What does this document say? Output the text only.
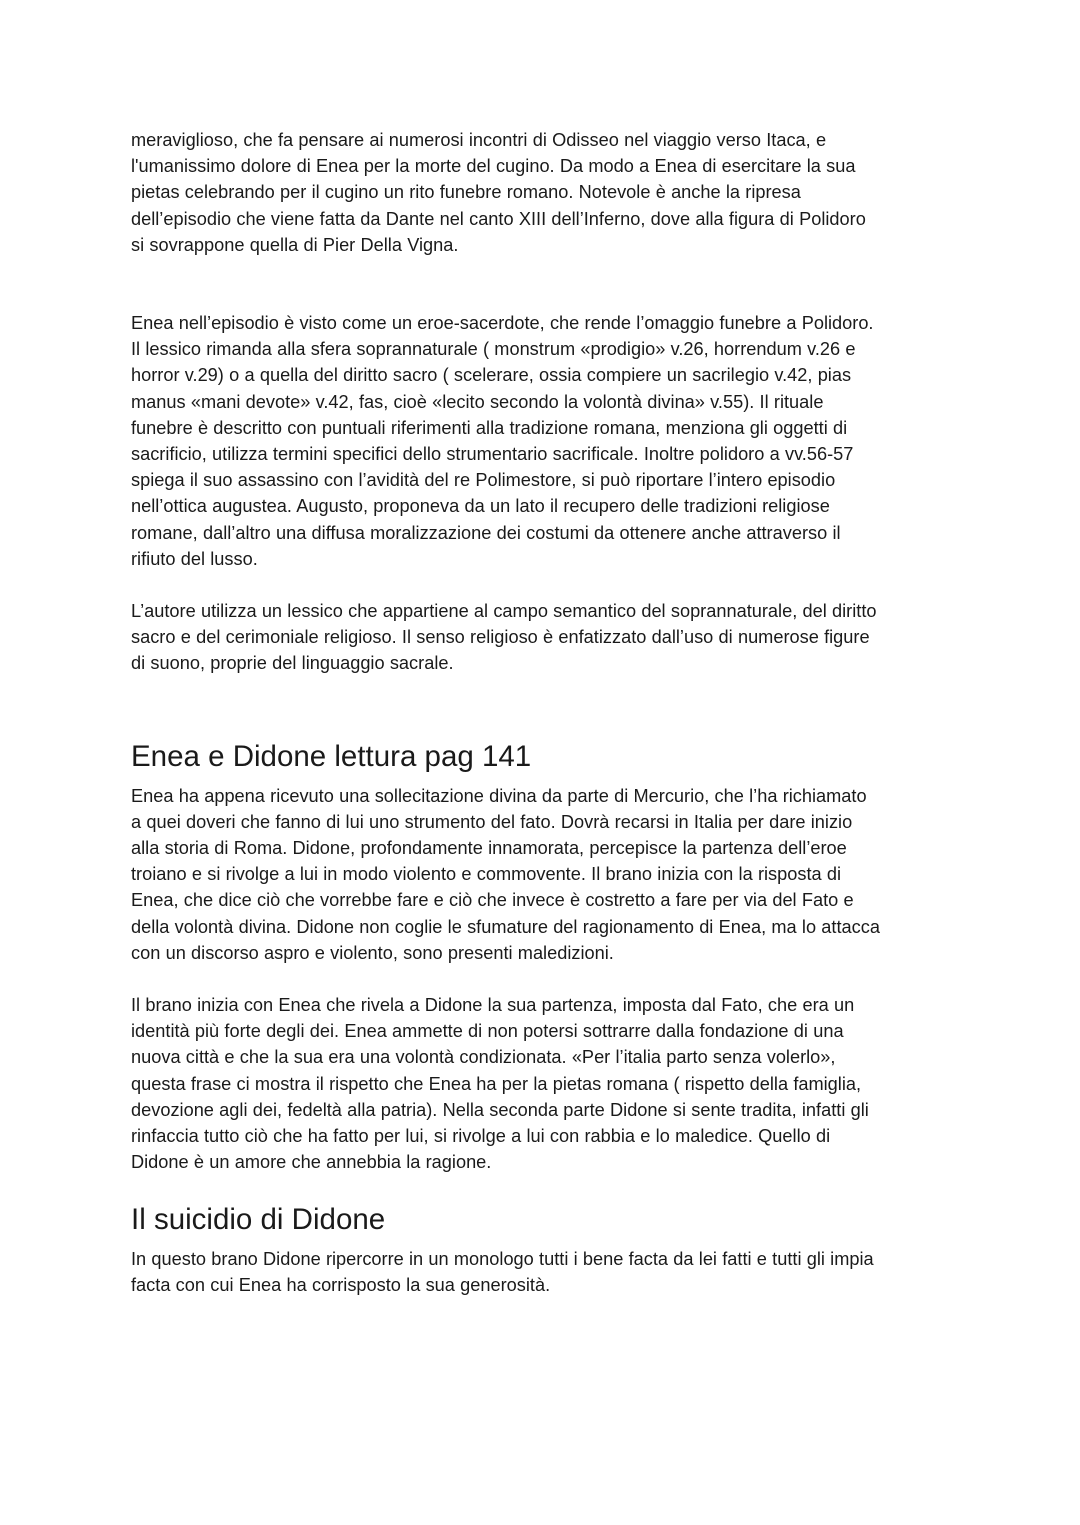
meraviglioso, che fa pensare ai numerosi incontri di Odisseo nel viaggio verso Itaca, e
l'umanissimo dolore di Enea per la morte del cugino. Da modo a Enea di esercitare la sua
pietas celebrando per il cugino un rito funebre romano. Notevole è anche la ripresa
dell’episodio che viene fatta da Dante nel canto XIII dell’Inferno, dove alla figura di Polidoro
si sovrappone quella di Pier Della Vigna.

Enea nell’episodio è visto come un eroe-sacerdote, che rende l’omaggio funebre a Polidoro.
Il lessico rimanda alla sfera soprannaturale ( monstrum «prodigio» v.26, horrendum v.26 e
horror v.29) o a quella del diritto sacro ( scelerare, ossia compiere un sacrilegio v.42, pias
manus «mani devote» v.42, fas, cioè «lecito secondo la volontà divina» v.55). Il rituale
funebre è descritto con puntuali riferimenti alla tradizione romana, menziona gli oggetti di
sacrificio, utilizza termini specifici dello strumentario sacrificale. Inoltre polidoro a vv.56-57
spiega il suo assassino con l’avidità del re Polimestore, si può riportare l’intero episodio
nell’ottica augustea. Augusto, proponeva da un lato il recupero delle tradizioni religiose
romane, dall’altro una diffusa moralizzazione dei costumi da ottenere anche attraverso il
rifiuto del lusso.

L’autore utilizza un lessico che appartiene al campo semantico del soprannaturale, del diritto
sacro e del cerimoniale religioso. Il senso religioso è enfatizzato dall’uso di numerose figure
di suono, proprie del linguaggio sacrale.

Enea e Didone lettura pag 141

Enea ha appena ricevuto una sollecitazione divina da parte di Mercurio, che l’ha richiamato
a quei doveri che fanno di lui uno strumento del fato. Dovrà recarsi in Italia per dare inizio
alla storia di Roma. Didone, profondamente innamorata, percepisce la partenza dell’eroe
troiano e si rivolge a lui in modo violento e commovente. Il brano inizia con la risposta di
Enea, che dice ciò che vorrebbe fare e ciò che invece è costretto a fare per via del Fato e
della volontà divina. Didone non coglie le sfumature del ragionamento di Enea, ma lo attacca
con un discorso aspro e violento, sono presenti maledizioni.

Il brano inizia con Enea che rivela a Didone la sua partenza, imposta dal Fato, che era un
identità più forte degli dei. Enea ammette di non potersi sottrarre dalla fondazione di una
nuova città e che la sua era una volontà condizionata. «Per l’italia parto senza volerlo»,
questa frase ci mostra il rispetto che Enea ha per la pietas romana ( rispetto della famiglia,
devozione agli dei, fedeltà alla patria). Nella seconda parte Didone si sente tradita, infatti gli
rinfaccia tutto ciò che ha fatto per lui, si rivolge a lui con rabbia e lo maledice. Quello di
Didone è un amore che annebbia la ragione.

Il suicidio di Didone

In questo brano Didone ripercorre in un monologo tutti i bene facta da lei fatti e tutti gli impia
facta con cui Enea ha corrisposto la sua generosità.
